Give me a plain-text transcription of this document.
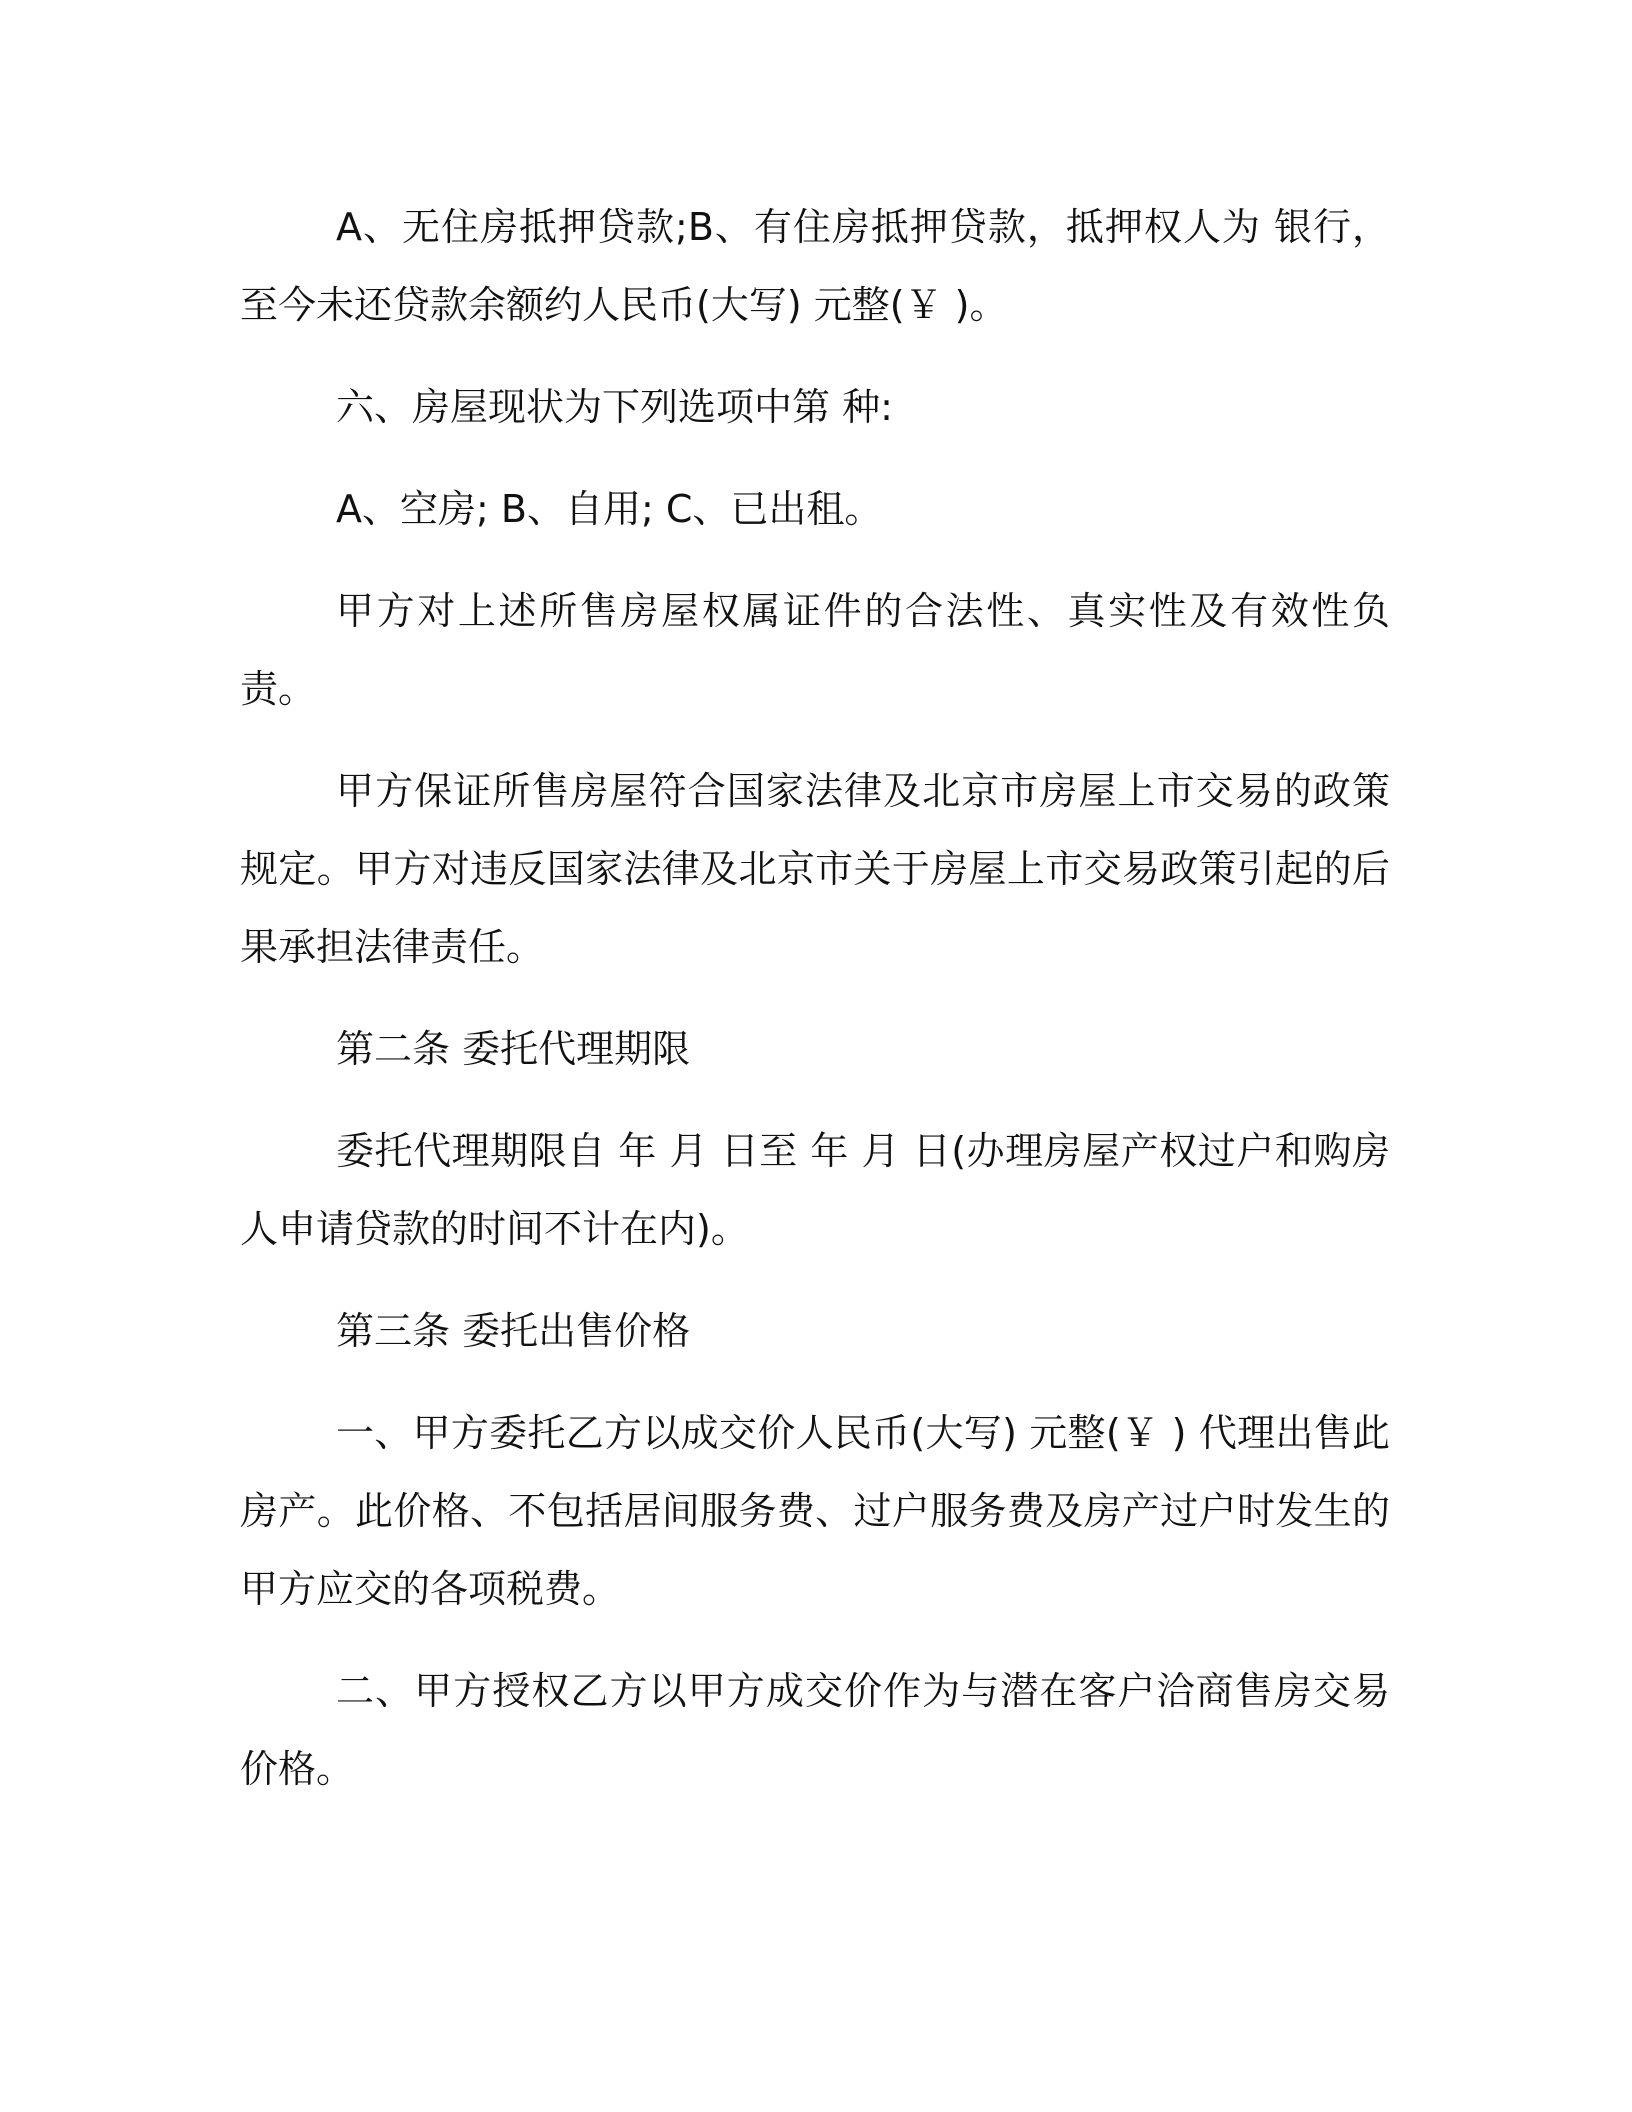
A、无住房抵押贷款;B、有住房抵押贷款，抵押权人为 银行，至今未还贷款余额约人民币(大写) 元整(￥ )。

六、房屋现状为下列选项中第 种:

A、空房; B、自用; C、已出租。

甲方对上述所售房屋权属证件的合法性、真实性及有效性负责。

甲方保证所售房屋符合国家法律及北京市房屋上市交易的政策规定。甲方对违反国家法律及北京市关于房屋上市交易政策引起的后果承担法律责任。

第二条 委托代理期限

委托代理期限自 年 月 日至 年 月 日(办理房屋产权过户和购房人申请贷款的时间不计在内)。

第三条 委托出售价格

一、甲方委托乙方以成交价人民币(大写) 元整(￥ ) 代理出售此房产。此价格、不包括居间服务费、过户服务费及房产过户时发生的甲方应交的各项税费。

二、甲方授权乙方以甲方成交价作为与潜在客户洽商售房交易价格。
